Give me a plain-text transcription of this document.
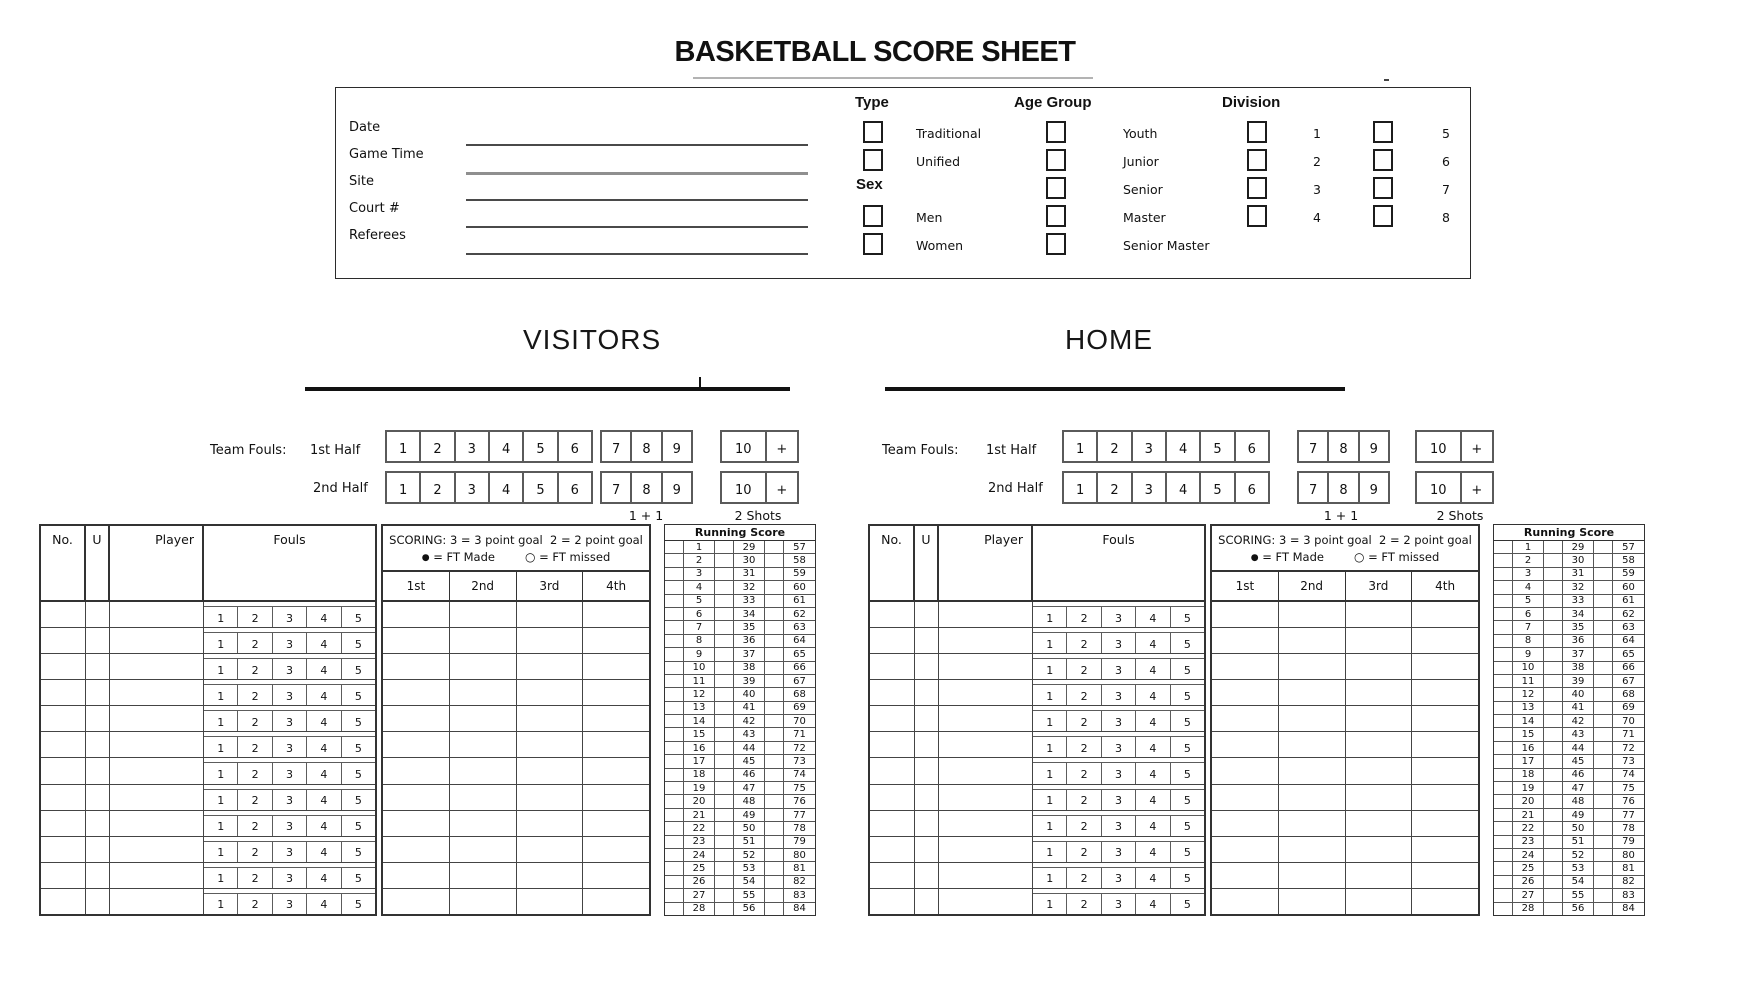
BASKETBALL SCORE SHEET
Date
Game Time
Site
Court #
Referees
Type
Traditional
Unified
Sex
Men
Women
Age Group
Youth
Junior
Senior
Master
Senior Master
Division
1
2
3
4
5
6
7
8
VISITORS
Team Fouls: 1st Half
2nd Half
1	2	3	4	5	6	7	8	9	10	+
1	2	3	4	5	6	7	8	9	10	+
1 + 1	2 Shots
No.	U	Player	Fouls
1	2	3	4	5
1	2	3	4	5
1	2	3	4	5
1	2	3	4	5
1	2	3	4	5
1	2	3	4	5
1	2	3	4	5
1	2	3	4	5
1	2	3	4	5
1	2	3	4	5
1	2	3	4	5
1	2	3	4	5
SCORING: 3 = 3 point goal  2 = 2 point goal
● = FT Made	○ = FT missed
1st	2nd	3rd	4th
Running Score
1	29	57
2	30	58
3	31	59
4	32	60
5	33	61
6	34	62
7	35	63
8	36	64
9	37	65
10	38	66
11	39	67
12	40	68
13	41	69
14	42	70
15	43	71
16	44	72
17	45	73
18	46	74
19	47	75
20	48	76
21	49	77
22	50	78
23	51	79
24	52	80
25	53	81
26	54	82
27	55	83
28	56	84
HOME
Team Fouls: 1st Half
2nd Half
1	2	3	4	5	6	7	8	9	10	+
1	2	3	4	5	6	7	8	9	10	+
1 + 1	2 Shots
No.	U	Player	Fouls
1	2	3	4	5
1	2	3	4	5
1	2	3	4	5
1	2	3	4	5
1	2	3	4	5
1	2	3	4	5
1	2	3	4	5
1	2	3	4	5
1	2	3	4	5
1	2	3	4	5
1	2	3	4	5
1	2	3	4	5
SCORING: 3 = 3 point goal  2 = 2 point goal
● = FT Made	○ = FT missed
1st	2nd	3rd	4th
Running Score
1	29	57
2	30	58
3	31	59
4	32	60
5	33	61
6	34	62
7	35	63
8	36	64
9	37	65
10	38	66
11	39	67
12	40	68
13	41	69
14	42	70
15	43	71
16	44	72
17	45	73
18	46	74
19	47	75
20	48	76
21	49	77
22	50	78
23	51	79
24	52	80
25	53	81
26	54	82
27	55	83
28	56	84
